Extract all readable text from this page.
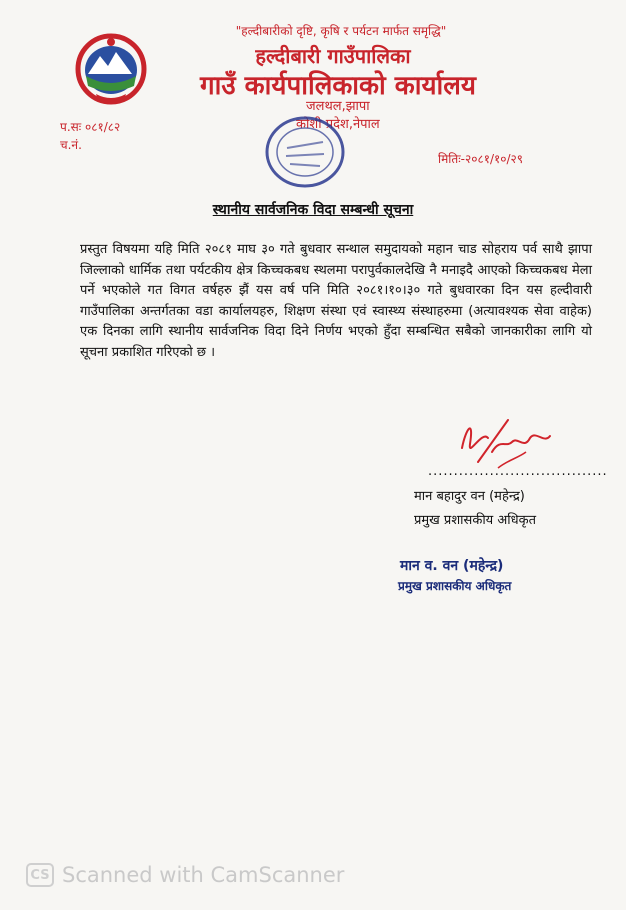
"हल्दीबारीको दृष्टि, कृषि र पर्यटन मार्फत समृद्धि"
हल्दीबारी गाउँपालिका
गाउँ कार्यपालिकाको कार्यालय
जलथल,झापा
कोशी प्रदेश,नेपाल
प.सः ०८१/८२
च.नं.
मितिः-२०८१/१०/२९
स्थानीय सार्वजनिक विदा सम्बन्धी सूचना

प्रस्तुत विषयमा यहि मिति २०८१ माघ ३० गते बुधवार सन्थाल समुदायको महान चाड सोहराय पर्व साथै झापा जिल्लाको धार्मिक तथा पर्यटकीय क्षेत्र किच्चकबध स्थलमा परापुर्वकालदेखि नै मनाइदै आएको किच्चकबध मेला पर्ने भएकोले गत विगत वर्षहरु झैं यस वर्ष पनि मिति २०८१।१०।३० गते बुधवारका दिन यस हल्दीवारी गाउँपालिका अन्तर्गतका वडा कार्यालयहरु, शिक्षण संस्था एवं स्वास्थ्य संस्थाहरुमा (अत्यावश्यक सेवा वाहेक) एक दिनका लागि स्थानीय सार्वजनिक विदा दिने निर्णय भएको हुँदा सम्बन्धित सबैको जानकारीका लागि यो सूचना प्रकाशित गरिएको छ ।

...................................
मान बहादुर वन (महेन्द्र)
प्रमुख प्रशासकीय अधिकृत
मान व. वन (महेन्द्र)
प्रमुख प्रशासकीय अधिकृत
CS Scanned with CamScanner
